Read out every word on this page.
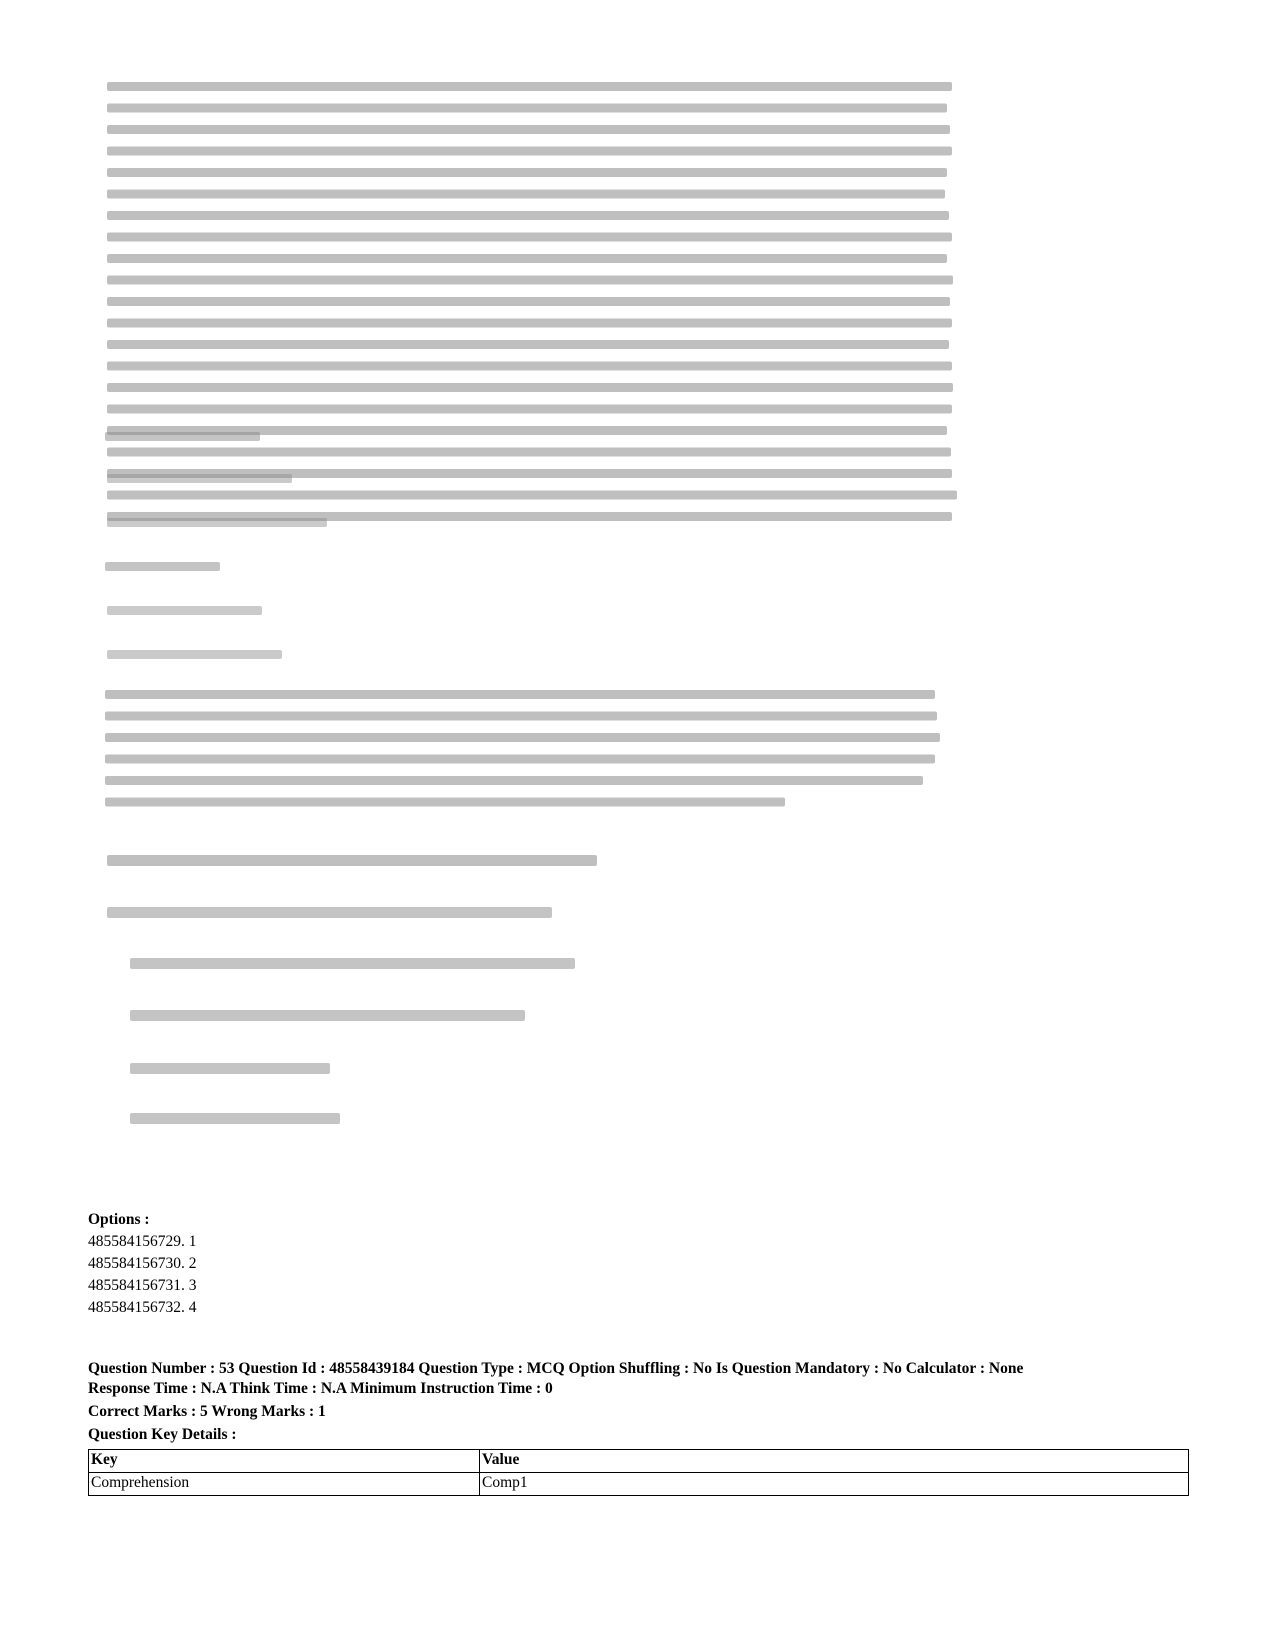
Options :
485584156729. 1
485584156730. 2
485584156731. 3
485584156732. 4
Question Number : 53 Question Id : 48558439184 Question Type : MCQ Option Shuffling : No Is Question Mandatory : No Calculator : None
Response Time : N.A Think Time : N.A Minimum Instruction Time : 0
Correct Marks : 5 Wrong Marks : 1
Question Key Details :
Key	Value
Comprehension	Comp1
